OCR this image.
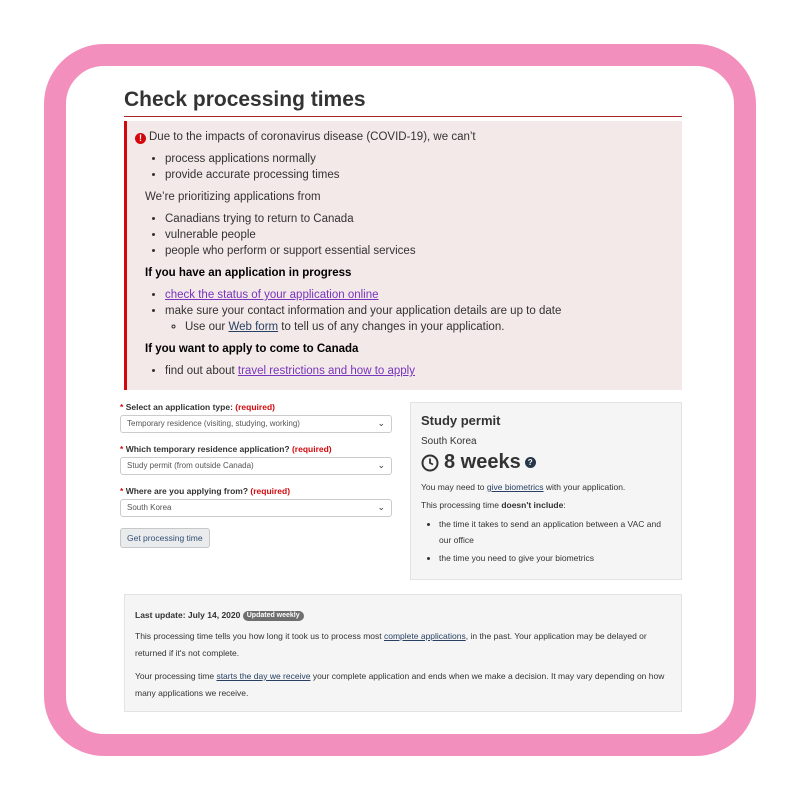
Check processing times

! Due to the impacts of coronavirus disease (COVID-19), we can’t

• process applications normally
• provide accurate processing times

We’re prioritizing applications from

• Canadians trying to return to Canada
• vulnerable people
• people who perform or support essential services
If you have an application in progress
• check the status of your application online
• make sure your contact information and your application details are up to date
◦ Use our Web form to tell us of any changes in your application.
If you want to apply to come to Canada
• find out about travel restrictions and how to apply
* Select an application type: (required)
Temporary residence (visiting, studying, working)	⌄
* Which temporary residence application? (required)
Study permit (from outside Canada)	⌄
* Where are you applying from? (required)
South Korea	⌄
Get processing time
Study permit
South Korea
8 weeks ?

You may need to give biometrics with your application.

This processing time doesn't include:

• the time it takes to send an application between a VAC and our office
• the time you need to give your biometrics
Last update: July 14, 2020 Updated weekly

This processing time tells you how long it took us to process most complete applications, in the past. Your application may be delayed or returned if it's not complete.

Your processing time starts the day we receive your complete application and ends when we make a decision. It may vary depending on how many applications we receive.
